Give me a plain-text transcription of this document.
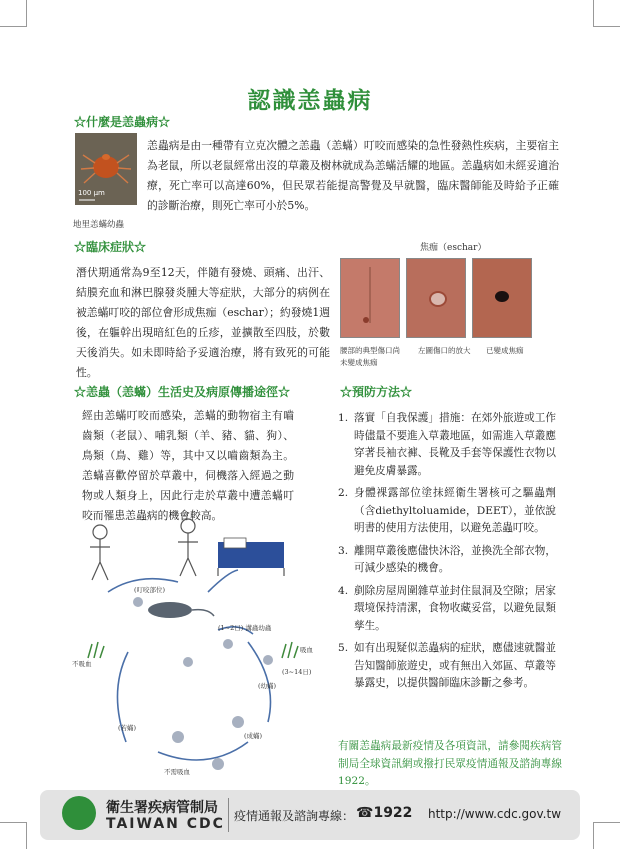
認識恙蟲病
☆什麼是恙蟲病☆
100 µm
恙蟲病是由一種帶有立克次體之恙蟲（恙蟎）叮咬而感染的急性發熱性疾病，主要宿主為老鼠，所以老鼠經常出沒的草叢及樹林就成為恙蟎活耀的地區。恙蟲病如未經妥適治療，死亡率可以高達60%，但民眾若能提高警覺及早就醫，臨床醫師能及時給予正確的診斷治療，則死亡率可小於5%。
地里恙蟎幼蟲
☆臨床症狀☆	焦痂（eschar）
潛伏期通常為9至12天，伴隨有發燒、頭痛、出汗、結膜充血和淋巴腺發炎腫大等症狀，大部分的病例在被恙蟎叮咬的部位會形成焦痂（eschar）；約發燒1週後，在軀幹出現暗紅色的丘疹，並擴散至四肢，於數天後消失。如未即時給予妥適治療，將有致死的可能性。
腰部的典型傷口尚未變成焦痂
左圖傷口的放大 已變成焦痂
☆恙蟲（恙蟎）生活史及病原傳播途徑☆
經由恙蟎叮咬而感染，恙蟎的動物宿主有嚙齒類（老鼠）、哺乳類（羊、豬、貓、狗）、鳥類（鳥、雞）等，其中又以嚙齒類為主。恙蟎喜歡停留於草叢中，伺機落入經過之動物或人類身上，因此行走於草叢中遭恙蟎叮咬而罹患恙蟲病的機會較高。
(1~2日) 溝蟲幼蟲
(叮咬部位)
不吸血
吸血
(3~14日)
(幼蟎)
(若蟎)
(成蟎)
不需吸血
☆預防方法☆
1. 落實「自我保護」措施：在郊外旅遊或工作時儘量不要進入草叢地區，如需進入草叢應穿著長袖衣褲、長靴及手套等保護性衣物以避免皮膚暴露。
2. 身體裸露部位塗抹經衛生署核可之驅蟲劑（含diethyltoluamide，DEET），並依說明書的使用方法使用，以避免恙蟲叮咬。
3. 離開草叢後應儘快沐浴，並換洗全部衣物，可減少感染的機會。
4. 剷除房屋周圍雜草並封住鼠洞及空隙；居家環境保持清潔，食物收藏妥當，以避免鼠類孳生。
5. 如有出現疑似恙蟲病的症狀，應儘速就醫並告知醫師旅遊史，或有無出入郊區、草叢等暴露史，以提供醫師臨床診斷之參考。
有關恙蟲病最新疫情及各項資訊，請參閱疾病管制局全球資訊網或撥打民眾疫情通報及諮詢專線1922。
衛生署疾病管制局
TAIWAN CDC 疫情通報及諮詢專線： ☎1922 http://www.cdc.gov.tw
